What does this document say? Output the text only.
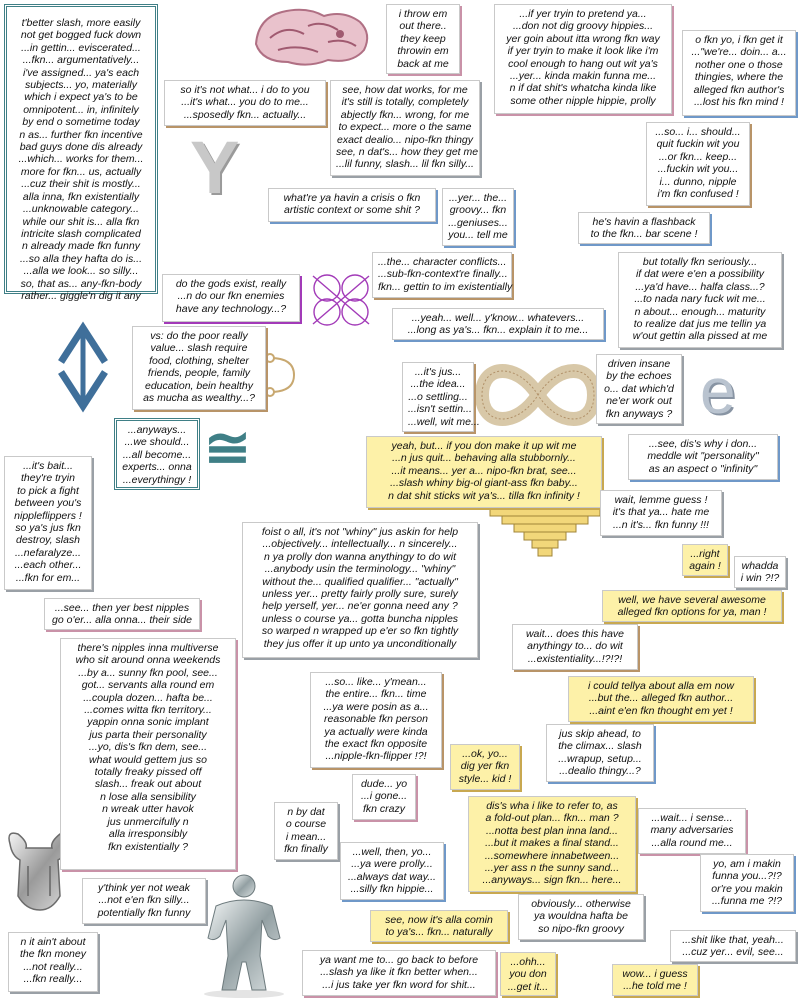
Y
≅
e
t'better slash, more easily
not get bogged fuck down
...in gettin... eviscerated...
...fkn... argumentatively...
i've assigned... ya's each
subjects... yo, materially
which i expect ya's to be
omnipotent... in, infinitely
by end o sometime today
n as... further fkn incentive
bad guys done dis already
...which... works for them...
more for fkn... us, actually
...cuz their shit is mostly...
alla inna, fkn existentially
...unknowable category...
while our shit is... alla fkn
intricite slash complicated
n already made fkn funny
...so alla they hafta do is...
...alla we look... so silly...
so, that as... any-fkn-body
rather... giggle'n dig it any
i throw em
out there..
they keep
throwin em
back at me
...if yer tryin to pretend ya...
...don not dig groovy hippies...
yer goin about itta wrong fkn way
if yer tryin to make it look like i'm
cool enough to hang out wit ya's
...yer... kinda makin funna me...
n if dat shit's whatcha kinda like
some other nipple hippie, prolly
o fkn yo, i fkn get it
..."we're... doin... a...
nother one o those
thingies, where the
alleged fkn author's
...lost his fkn mind !
so it's not what... i do to you
...it's what... you do to me...
...sposedly fkn... actually...
see, how dat works, for me
it's still is totally, completely
abjectly fkn... wrong, for me
to expect... more o the same
exact dealio... nipo-fkn thingy
see, n dat's... how they get me
...lil funny, slash... lil fkn silly...
...so... i... should...
quit fuckin wit you
...or fkn... keep...
...fuckin wit you...
i... dunno, nipple
i'm fkn confused !
what're ya havin a crisis o fkn
artistic context or some shit ?
...yer... the...
groovy... fkn
...geniuses...
you... tell me
he's havin a flashback
to the fkn... bar scene !
...the... character conflicts...
...sub-fkn-context're finally...
fkn... gettin to im existentially
but totally fkn seriously...
if dat were e'en a possibility
...ya'd have... halfa class...?
...to nada nary fuck wit me...
n about... enough... maturity
to realize dat jus me tellin ya
w'out gettin alla pissed at me
do the gods exist, really
...n do our fkn enemies
have any technology...?
...yeah... well... y'know... whatevers...
...long as ya's... fkn... explain it to me...
vs: do the poor really
value... slash require
food, clothing, shelter
friends, people, family
education, bein healthy
as mucha as wealthy...?
driven insane
by the echoes
o... dat which'd
ne'er work out
fkn anyways ?
...it's jus...
...the idea...
...o settling...
...isn't settin...
...well, wit me...
...anyways...
...we should...
...all become...
experts... onna
...everythingy !
...see, dis's why i don...
meddle wit "personality"
as an aspect o "infinity"
yeah, but... if you don make it up wit me
...n jus quit... behaving alla stubbornly...
...it means... yer a... nipo-fkn brat, see...
...slash whiny big-ol giant-ass fkn baby...
n dat shit sticks wit ya's... tilla fkn infinity !
...it's bait...
they're tryin
to pick a fight
between you's
nippleflippers !
so ya's jus fkn
destroy, slash
...nefaralyze...
...each other...
...fkn for em...
wait, lemme guess !
it's that ya... hate me
...n it's... fkn funny !!!
foist o all, it's not "whiny" jus askin for help
...objectively... intellectually... n sincerely...
n ya prolly don wanna anythingy to do wit
...anybody usin the terminology... "whiny"
without the... qualified qualifier... "actually"
unless yer... pretty fairly prolly sure, surely
help yerself, yer... ne'er gonna need any ?
unless o course ya... gotta buncha nipples
so warped n wrapped up e'er so fkn tightly
they jus offer it up unto ya unconditionally
...right
again ! whadda
i win ?!?
well, we have several awesome
alleged fkn options for ya, man !
...see... then yer best nipples
go o'er... alla onna... their side
wait... does this have
anythingy to... do wit
...existentiality...!?!?!
there's nipples inna multiverse
who sit around onna weekends
...by a... sunny fkn pool, see...
got... servants alla round em
...coupla dozen... hafta be...
...comes witta fkn territory...
yappin onna sonic implant
jus parta their personality
...yo, dis's fkn dem, see...
what would gettem jus so
totally freaky pissed off
slash... freak out about
n lose alla sensibility
n wreak utter havok
jus unmercifully n
alla irresponsibly
fkn existentially ?
...so... like... y'mean...
the entire... fkn... time
...ya were posin as a...
reasonable fkn person
ya actually were kinda
the exact fkn opposite
...nipple-fkn-flipper !?!
i could tellya about alla em now
...but the... alleged fkn author...
...aint e'en fkn thought em yet !
jus skip ahead, to
the climax... slash
...wrapup, setup...
...dealio thingy...?
...ok, yo...
dig yer fkn
style... kid !
dude... yo
...i gone...
fkn crazy
n by dat
o course
i mean...
fkn finally
dis's wha i like to refer to, as
a fold-out plan... fkn... man ?
...notta best plan inna land...
...but it makes a final stand...
...somewhere innabetween...
...yer ass n the sunny sand...
...anyways... sign fkn... here...
...wait... i sense...
many adversaries
...alla round me...
...well, then, yo...
...ya were prolly...
...always dat way...
...silly fkn hippie...
yo, am i makin
funna you...?!?
or're you makin
...funna me ?!?
y'think yer not weak
...not e'en fkn silly...
potentially fkn funny
obviously... otherwise
ya wouldna hafta be
so nipo-fkn groovy
see, now it's alla comin
to ya's... fkn... naturally
n it ain't about
the fkn money
...not really...
...fkn really...
...shit like that, yeah...
...cuz yer... evil, see...
ya want me to... go back to before
...slash ya like it fkn better when...
...i jus take yer fkn word for shit...
...ohh...
you don
...get it...
wow... i guess
...he told me !
